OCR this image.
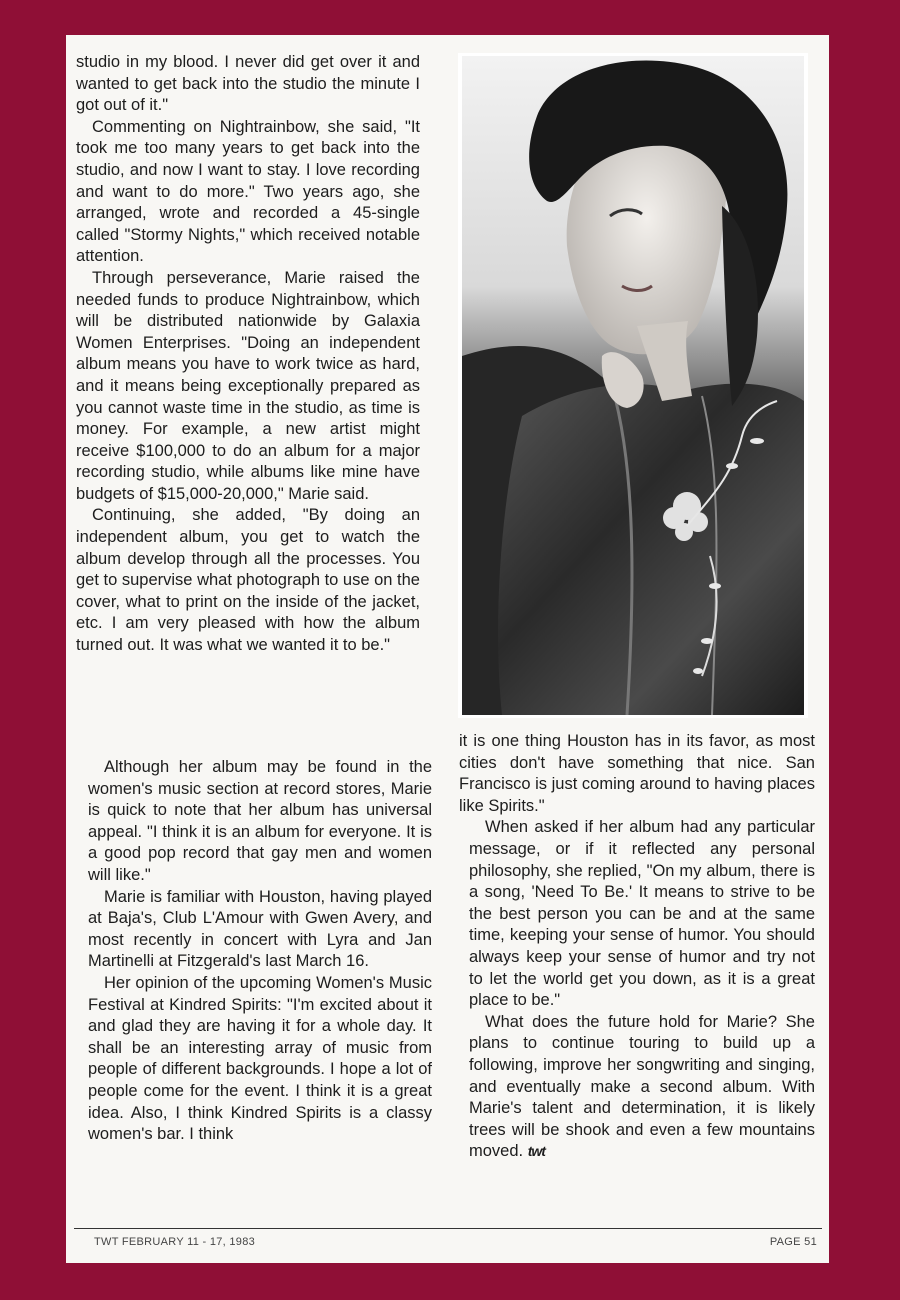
studio in my blood. I never did get over it and wanted to get back into the studio the minute I got out of it."

Commenting on Nightrainbow, she said, "It took me too many years to get back into the studio, and now I want to stay. I love recording and want to do more." Two years ago, she arranged, wrote and recorded a 45-single called "Stormy Nights," which received notable attention.

Through perseverance, Marie raised the needed funds to produce Nightrainbow, which will be distributed nationwide by Galaxia Women Enterprises. "Doing an independent album means you have to work twice as hard, and it means being exceptionally prepared as you cannot waste time in the studio, as time is money. For example, a new artist might receive $100,000 to do an album for a major recording studio, while albums like mine have budgets of $15,000-20,000," Marie said.

Continuing, she added, "By doing an independent album, you get to watch the album develop through all the processes. You get to supervise what photograph to use on the cover, what to print on the inside of the jacket, etc. I am very pleased with how the album turned out. It was what we wanted it to be."

Although her album may be found in the women's music section at record stores, Marie is quick to note that her album has universal appeal. "I think it is an album for everyone. It is a good pop record that gay men and women will like."

Marie is familiar with Houston, having played at Baja's, Club L'Amour with Gwen Avery, and most recently in concert with Lyra and Jan Martinelli at Fitzgerald's last March 16.

Her opinion of the upcoming Women's Music Festival at Kindred Spirits: "I'm excited about it and glad they are having it for a whole day. It shall be an interesting array of music from people of different backgrounds. I hope a lot of people come for the event. I think it is a great idea. Also, I think Kindred Spirits is a classy women's bar. I think

it is one thing Houston has in its favor, as most cities don't have something that nice. San Francisco is just coming around to having places like Spirits."

When asked if her album had any particular message, or if it reflected any personal philosophy, she replied, "On my album, there is a song, 'Need To Be.' It means to strive to be the best person you can be and at the same time, keeping your sense of humor. You should always keep your sense of humor and try not to let the world get you down, as it is a great place to be."

What does the future hold for Marie? She plans to continue touring to build up a following, improve her songwriting and singing, and eventually make a second album. With Marie's talent and determination, it is likely trees will be shook and even a few mountains moved. twt

TWT FEBRUARY 11 - 17, 1983	PAGE 51
